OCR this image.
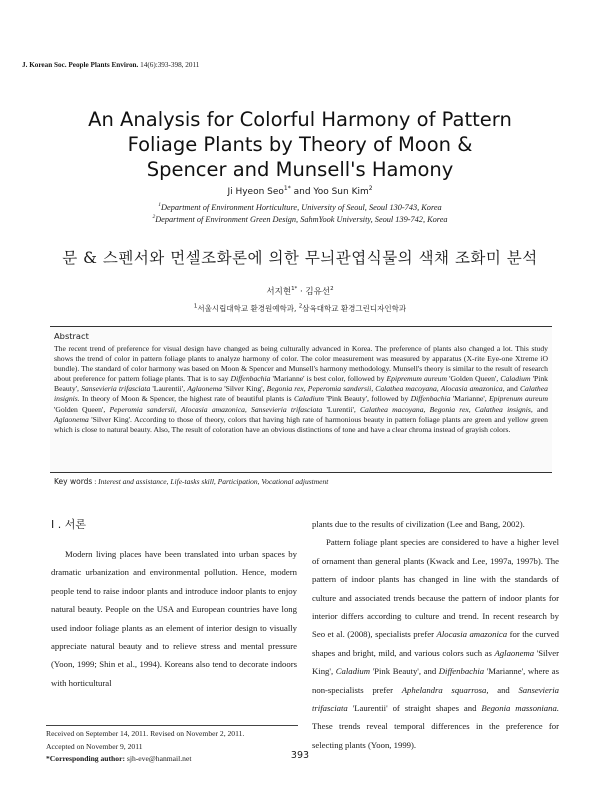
J. Korean Soc. People Plants Environ. 14(6):393-398, 2011
An Analysis for Colorful Harmony of Pattern
Foliage Plants by Theory of Moon &
Spencer and Munsell's Hamony
Ji Hyeon Seo$^{1*}$ and Yoo Sun Kim$^2$
$^1$Department of Environment Horticulture, University of Seoul, Seoul 130-743, Korea
$^2$Department of Environment Green Design, SahmYook University, Seoul 139-742, Korea
문 & 스펜서와 먼셀조화론에 의한 무늬관엽식물의 색채 조화미 분석
서지현$^{1*}$ · 김유선$^2$
$^1$서울시립대학교 환경원예학과, $^2$삼육대학교 환경그린디자인학과
Abstract
The recent trend of preference for visual design have changed as being culturally advanced in Korea. The preference of plants also changed a lot. This study shows the trend of color in pattern foliage plants to analyze harmony of color. The color measurement was measured by apparatus (X-rite Eye-one Xtreme iO bundle). The standard of color harmony was based on Moon & Spencer and Munsell's harmony methodology. Munsell's theory is similar to the result of research about preference for pattern foliage plants. That is to say Diffenbachia 'Marianne' is best color, followed by Epipremum aureum 'Golden Queen', Caladium 'Pink Beauty', Sansevieria trifasciata 'Laurentii', Aglaonema 'Silver King', Begonia rex, Peperomia sandersii, Calathea macoyana, Alocasia amazonica, and Calathea insignis. In theory of Moon & Spencer, the highest rate of beautiful plants is Caladium 'Pink Beauty', followed by Diffenbachia 'Marianne', Epiprenum aureum 'Golden Queen', Peperomia sandersii, Alocasia amazonica, Sansevieria trifasciata 'Lurentii', Calathea macoyana, Begonia rex, Calathea insignis, and Aglaonema 'Silver King'. According to those of theory, colors that having high rate of harmonious beauty in pattern foliage plants are green and yellow green which is close to natural beauty. Also, The result of coloration have an obvious distinctions of tone and have a clear chroma instead of grayish colors.
Key words : Interest and assistance, Life-tasks skill, Participation, Vocational adjustment
I . 서론

Modern living places have been translated into urban spaces by dramatic urbanization and environmental pollution. Hence, modern people tend to raise indoor plants and introduce indoor plants to enjoy natural beauty. People on the USA and European countries have long used indoor foliage plants as an element of interior design to visually appreciate natural beauty and to relieve stress and mental pressure (Yoon, 1999; Shin et al., 1994). Koreans also tend to decorate indoors with horticultural

plants due to the results of civilization (Lee and Bang, 2002).

Pattern foliage plant species are considered to have a higher level of ornament than general plants (Kwack and Lee, 1997a, 1997b). The pattern of indoor plants has changed in line with the standards of culture and associated trends because the pattern of indoor plants for interior differs according to culture and trend. In recent research by Seo et al. (2008), specialists prefer Alocasia amazonica for the curved shapes and bright, mild, and various colors such as Aglaonema 'Silver King', Caladium 'Pink Beauty', and Diffenbachia 'Marianne', where as non-specialists prefer Aphelandra squarrosa, and Sansevieria trifasciata 'Laurentii' of straight shapes and Begonia massoniana. These trends reveal temporal differences in the preference for selecting plants (Yoon, 1999).

Received on September 14, 2011. Revised on November 2, 2011.
Accepted on November 9, 2011
*Corresponding author: sjh-eve@hanmail.net	393
